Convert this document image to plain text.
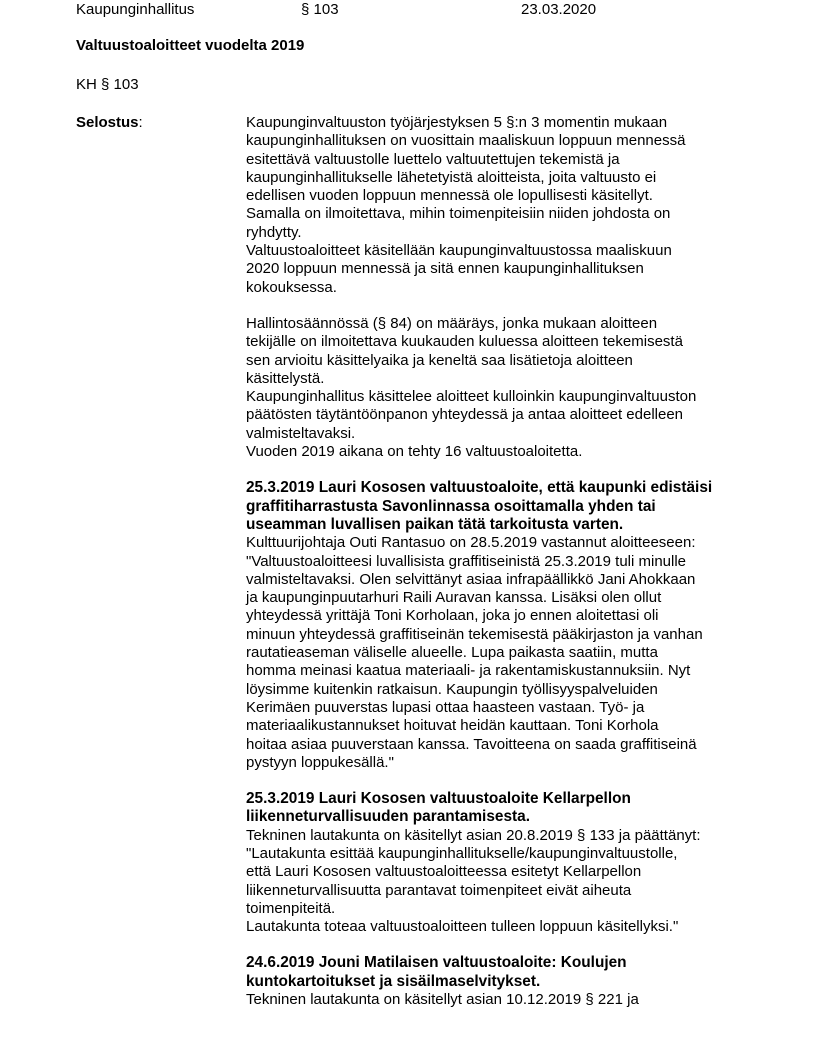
Kaupunginhallitus	§ 103	23.03.2020
Valtuustoaloitteet vuodelta 2019
KH § 103
Selostus:	Kaupunginvaltuuston työjärjestyksen 5 §:n 3 momentin mukaan

kaupunginhallituksen on vuosittain maaliskuun loppuun mennessä

esitettävä valtuustolle luettelo valtuutettujen tekemistä ja

kaupunginhallitukselle lähetetyistä aloitteista, joita valtuusto ei

edellisen vuoden loppuun mennessä ole lopullisesti käsitellyt.

Samalla on ilmoitettava, mihin toimenpiteisiin niiden johdosta on

ryhdytty.

Valtuustoaloitteet käsitellään kaupunginvaltuustossa maaliskuun

2020 loppuun mennessä ja sitä ennen kaupunginhallituksen

kokouksessa.

Hallintosäännössä (§ 84) on määräys, jonka mukaan aloitteen

tekijälle on ilmoitettava kuukauden kuluessa aloitteen tekemisestä

sen arvioitu käsittelyaika ja keneltä saa lisätietoja aloitteen

käsittelystä.

Kaupunginhallitus käsittelee aloitteet kulloinkin kaupunginvaltuuston

päätösten täytäntöönpanon yhteydessä ja antaa aloitteet edelleen

valmisteltavaksi.

Vuoden 2019 aikana on tehty 16 valtuustoaloitetta.

25.3.2019 Lauri Kososen valtuustoaloite, että kaupunki edistäisi

graffitiharrastusta Savonlinnassa osoittamalla yhden tai

useamman luvallisen paikan tätä tarkoitusta varten.

Kulttuurijohtaja Outi Rantasuo on 28.5.2019 vastannut aloitteeseen:

"Valtuustoaloitteesi luvallisista graffitiseinistä 25.3.2019 tuli minulle

valmisteltavaksi. Olen selvittänyt asiaa infrapäällikkö Jani Ahokkaan

ja kaupunginpuutarhuri Raili Auravan kanssa. Lisäksi olen ollut

yhteydessä yrittäjä Toni Korholaan, joka jo ennen aloitettasi oli

minuun yhteydessä graffitiseinän tekemisestä pääkirjaston ja vanhan

rautatieaseman väliselle alueelle. Lupa paikasta saatiin, mutta

homma meinasi kaatua materiaali- ja rakentamiskustannuksiin. Nyt

löysimme kuitenkin ratkaisun. Kaupungin työllisyyspalveluiden

Kerimäen puuverstas lupasi ottaa haasteen vastaan. Työ- ja

materiaalikustannukset hoituvat heidän kauttaan. Toni Korhola

hoitaa asiaa puuverstaan kanssa. Tavoitteena on saada graffitiseinä

pystyyn loppukesällä."

25.3.2019 Lauri Kososen valtuustoaloite Kellarpellon

liikenneturvallisuuden parantamisesta.

Tekninen lautakunta on käsitellyt asian 20.8.2019 § 133 ja päättänyt:

"Lautakunta esittää kaupunginhallitukselle/kaupunginvaltuustolle,

että Lauri Kososen valtuustoaloitteessa esitetyt Kellarpellon

liikenneturvallisuutta parantavat toimenpiteet eivät aiheuta

toimenpiteitä.

Lautakunta toteaa valtuustoaloitteen tulleen loppuun käsitellyksi."

24.6.2019 Jouni Matilaisen valtuustoaloite: Koulujen

kuntokartoitukset ja sisäilmaselvitykset.

Tekninen lautakunta on käsitellyt asian 10.12.2019 § 221 ja
